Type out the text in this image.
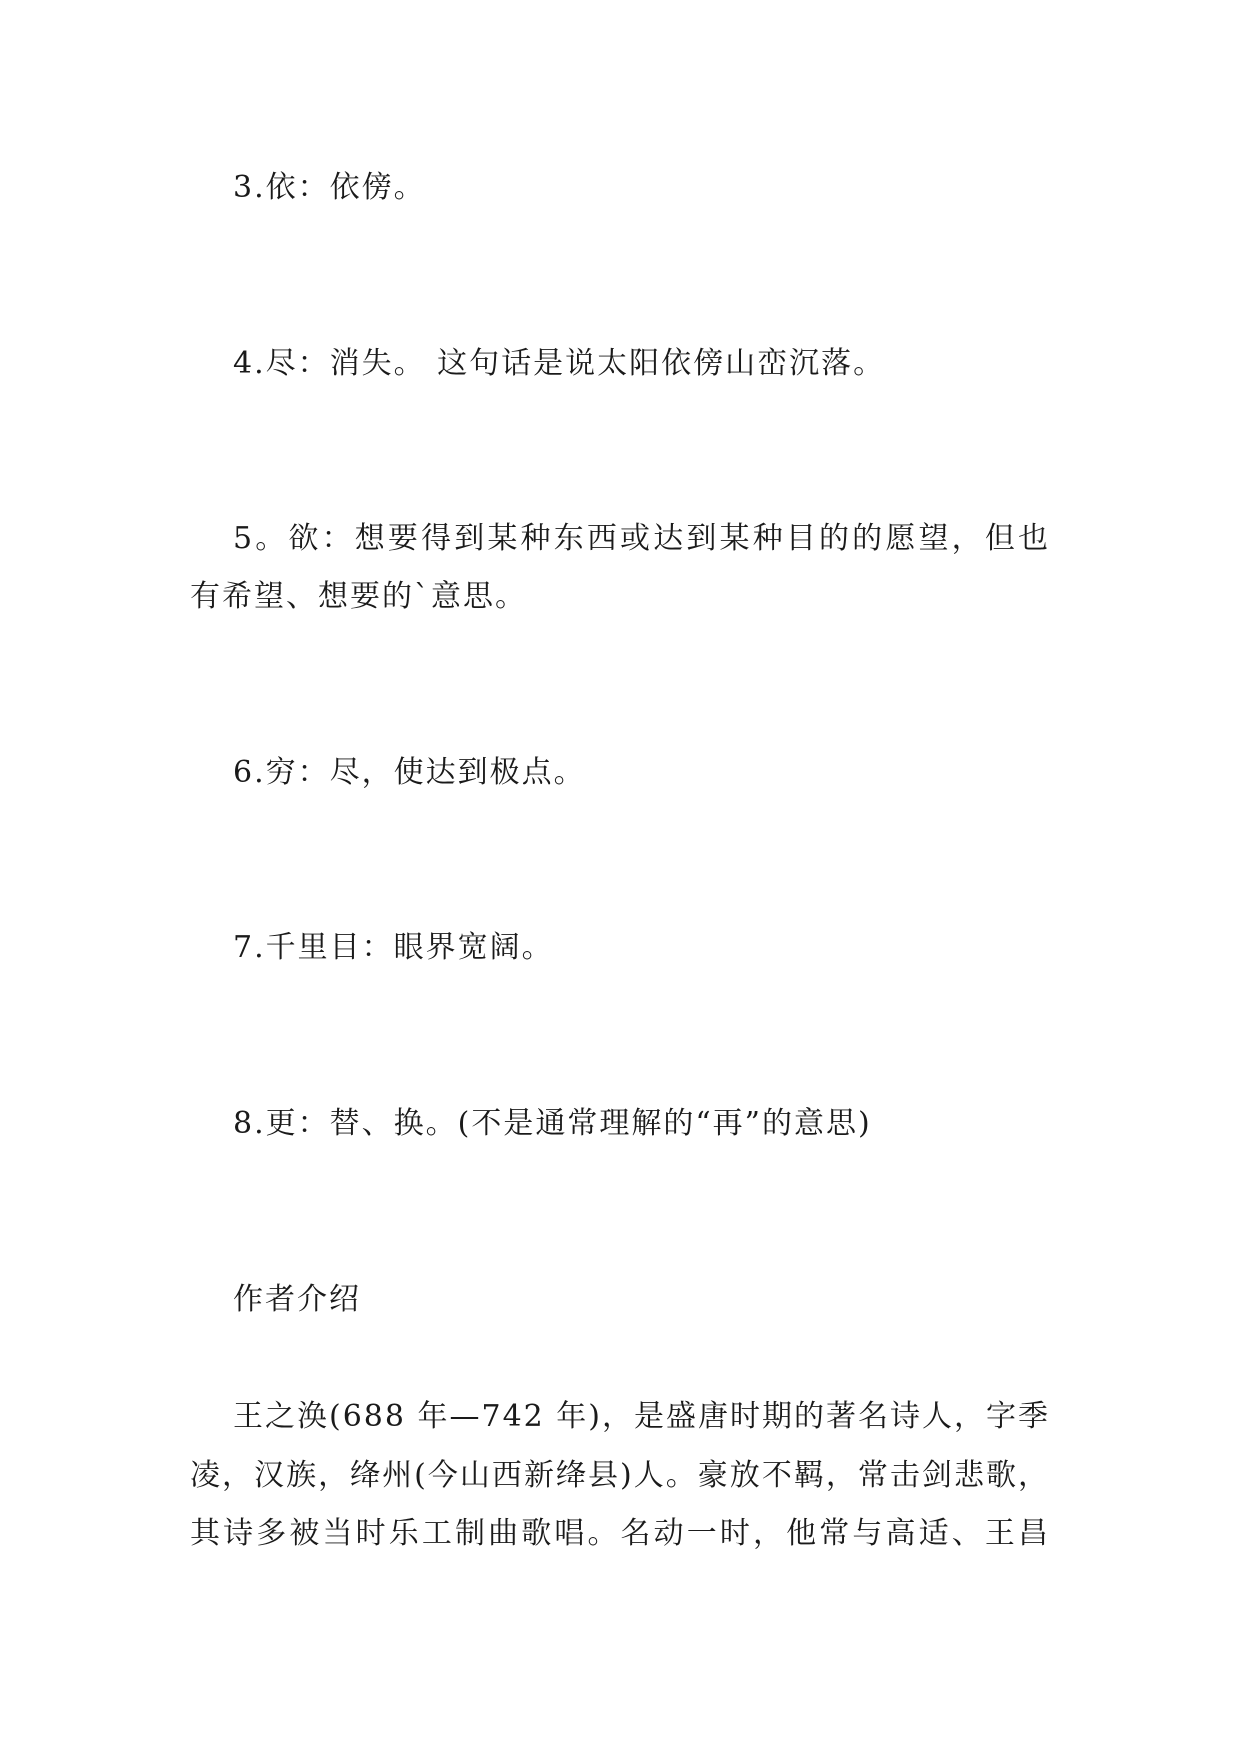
3.依：依傍。
4.尽：消失。 这句话是说太阳依傍山峦沉落。
5。欲：想要得到某种东西或达到某种目的的愿望，但也
有希望、想要的`意思。
6.穷：尽，使达到极点。
7.千里目：眼界宽阔。
8.更：替、换。(不是通常理解的“再”的意思)
作者介绍
王之涣(688 年—742 年)，是盛唐时期的著名诗人，字季
凌，汉族，绛州(今山西新绛县)人。豪放不羁，常击剑悲歌，
其诗多被当时乐工制曲歌唱。名动一时，他常与高适、王昌
